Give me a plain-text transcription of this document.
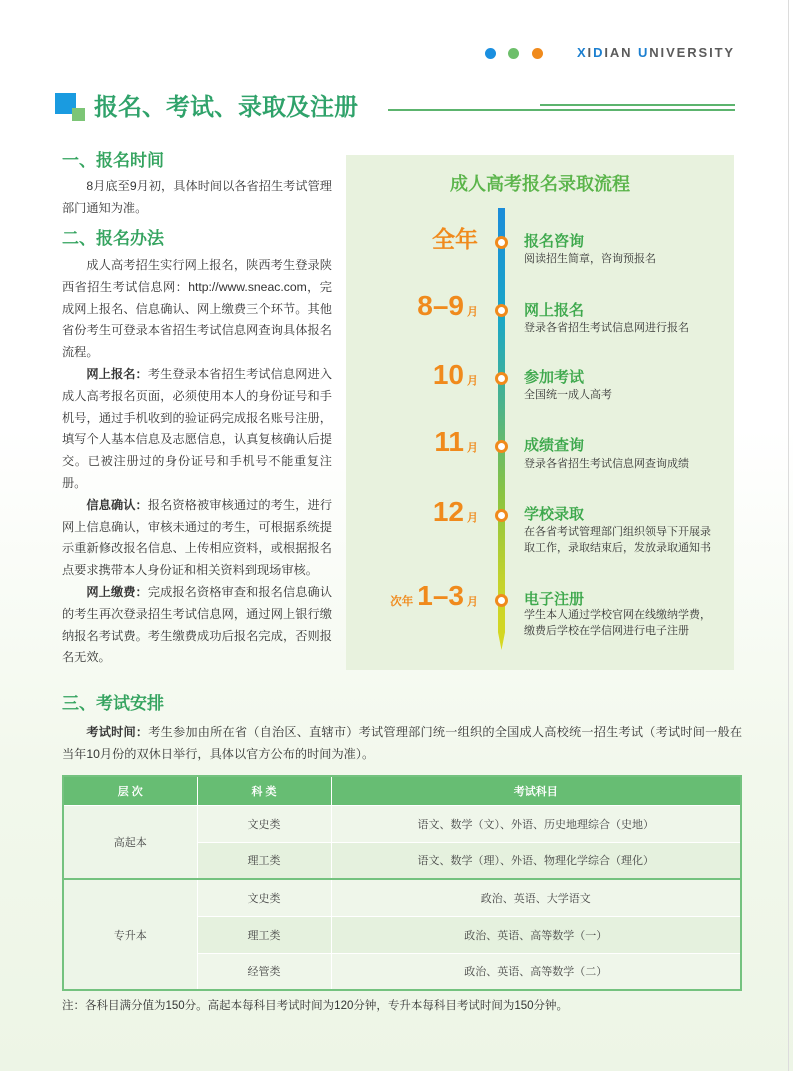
XIDIAN UNIVERSITY
报名、考试、录取及注册
一、报名时间

8月底至9月初，具体时间以各省招生考试管理部门通知为准。

二、报名办法

成人高考招生实行网上报名，陕西考生登录陕西省招生考试信息网：http://www.sneac.com，完成网上报名、信息确认、网上缴费三个环节。其他省份考生可登录本省招生考试信息网查询具体报名流程。

网上报名：考生登录本省招生考试信息网进入成人高考报名页面，必须使用本人的身份证号和手机号，通过手机收到的验证码完成报名账号注册，填写个人基本信息及志愿信息，认真复核确认后提交。已被注册过的身份证号和手机号不能重复注册。

信息确认：报名资格被审核通过的考生，进行网上信息确认，审核未通过的考生，可根据系统提示重新修改报名信息、上传相应资料，或根据报名点要求携带本人身份证和相关资料到现场审核。

网上缴费：完成报名资格审查和报名信息确认的考生再次登录招生考试信息网，通过网上银行缴纳报名考试费。考生缴费成功后报名完成，否则报名无效。

成人高考报名录取流程
全年	报名咨询

阅读招生简章，咨询预报名

8–9 月	网上报名

登录各省招生考试信息网进行报名

10 月	参加考试

全国统一成人高考

11 月	成绩查询

登录各省招生考试信息网查询成绩

12 月	学校录取

在各省考试管理部门组织领导下开展录取工作，录取结束后，发放录取通知书

次年 1–3 月	电子注册

学生本人通过学校官网在线缴纳学费，缴费后学校在学信网进行电子注册

三、考试安排

考试时间：考生参加由所在省（自治区、直辖市）考试管理部门统一组织的全国成人高校统一招生考试（考试时间一般在当年10月份的双休日举行，具体以官方公布的时间为准）。

层 次	科 类	考试科目
高起本	文史类	语文、数学（文）、外语、历史地理综合（史地）
	理工类	语文、数学（理）、外语、物理化学综合（理化）
专升本	文史类	政治、英语、大学语文
	理工类	政治、英语、高等数学（一）
	经管类	政治、英语、高等数学（二）

注：各科目满分值为150分。高起本每科目考试时间为120分钟，专升本每科目考试时间为150分钟。
